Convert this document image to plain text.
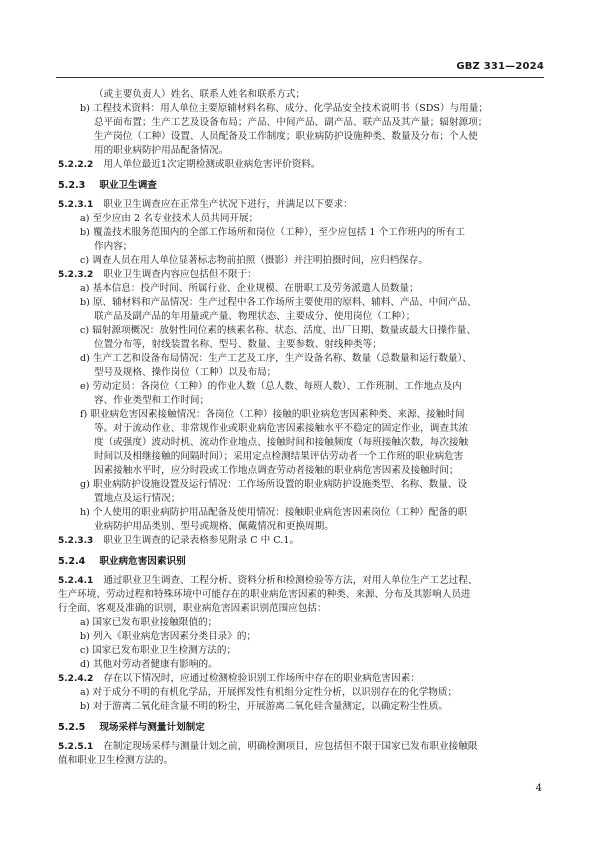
GBZ 331—2024

（或主要负责人）姓名、联系人姓名和联系方式；

b) 工程技术资料：用人单位主要原辅材料名称、成分、化学品安全技术说明书（SDS）与用量；

总平面布置；生产工艺及设备布局；产品、中间产品、副产品、联产品及其产量；辐射源项；

生产岗位（工种）设置、人员配备及工作制度；职业病防护设施种类、数量及分布；个人使

用的职业病防护用品配备情况。

5.2.2.2 用人单位最近1次定期检测或职业病危害评价资料。

5.2.3 职业卫生调查

5.2.3.1 职业卫生调查应在正常生产状况下进行，并满足以下要求：

a) 至少应由 2 名专业技术人员共同开展；

b) 覆盖技术服务范围内的全部工作场所和岗位（工种），至少应包括 1 个工作班内的所有工

作内容；

c) 调查人员在用人单位显著标志物前拍照（摄影）并注明拍摄时间，应归档保存。

5.2.3.2 职业卫生调查内容应包括但不限于：

a) 基本信息：投产时间、所属行业、企业规模、在册职工及劳务派遣人员数量；

b) 原、辅材料和产品情况：生产过程中各工作场所主要使用的原料、辅料、产品、中间产品、

联产品及副产品的年用量或产量、物理状态、主要成分、使用岗位（工种）；

c) 辐射源项概况：放射性同位素的核素名称、状态、活度、出厂日期、数量或最大日操作量、

位置分布等，射线装置名称、型号、数量、主要参数、射线种类等；

d) 生产工艺和设备布局情况：生产工艺及工序，生产设备名称、数量（总数量和运行数量）、

型号及规格、操作岗位（工种）以及布局；

e) 劳动定员：各岗位（工种）的作业人数（总人数、每班人数）、工作班制、工作地点及内

容、作业类型和工作时间；

f) 职业病危害因素接触情况：各岗位（工种）接触的职业病危害因素种类、来源、接触时间

等。对于流动作业、非常规作业或职业病危害因素接触水平不稳定的固定作业，调查其浓

度（或强度）波动时机、流动作业地点、接触时间和接触频度（每班接触次数，每次接触

时间以及相继接触的间隔时间）；采用定点检测结果评估劳动者一个工作班的职业病危害

因素接触水平时，应分时段或工作地点调查劳动者接触的职业病危害因素及接触时间；

g) 职业病防护设施设置及运行情况：工作场所设置的职业病防护设施类型、名称、数量、设

置地点及运行情况；

h) 个人使用的职业病防护用品配备及使用情况：接触职业病危害因素岗位（工种）配备的职

业病防护用品类别、型号或规格、佩戴情况和更换周期。

5.2.3.3 职业卫生调查的记录表格参见附录 C 中 C.1。

5.2.4 职业病危害因素识别

5.2.4.1 通过职业卫生调查、工程分析、资料分析和检测检验等方法，对用人单位生产工艺过程、

生产环境、劳动过程和特殊环境中可能存在的职业病危害因素的种类、来源、分布及其影响人员进

行全面、客观及准确的识别，职业病危害因素识别范围应包括：

a) 国家已发布职业接触限值的；

b) 列入《职业病危害因素分类目录》的；

c) 国家已发布职业卫生检测方法的；

d) 其他对劳动者健康有影响的。

5.2.4.2 存在以下情况时，应通过检测检验识别工作场所中存在的职业病危害因素：

a) 对于成分不明的有机化学品，开展挥发性有机组分定性分析，以识别存在的化学物质；

b) 对于游离二氧化硅含量不明的粉尘，开展游离二氧化硅含量测定，以确定粉尘性质。

5.2.5 现场采样与测量计划制定

5.2.5.1 在制定现场采样与测量计划之前，明确检测项目，应包括但不限于国家已发布职业接触限

值和职业卫生检测方法的。

4
